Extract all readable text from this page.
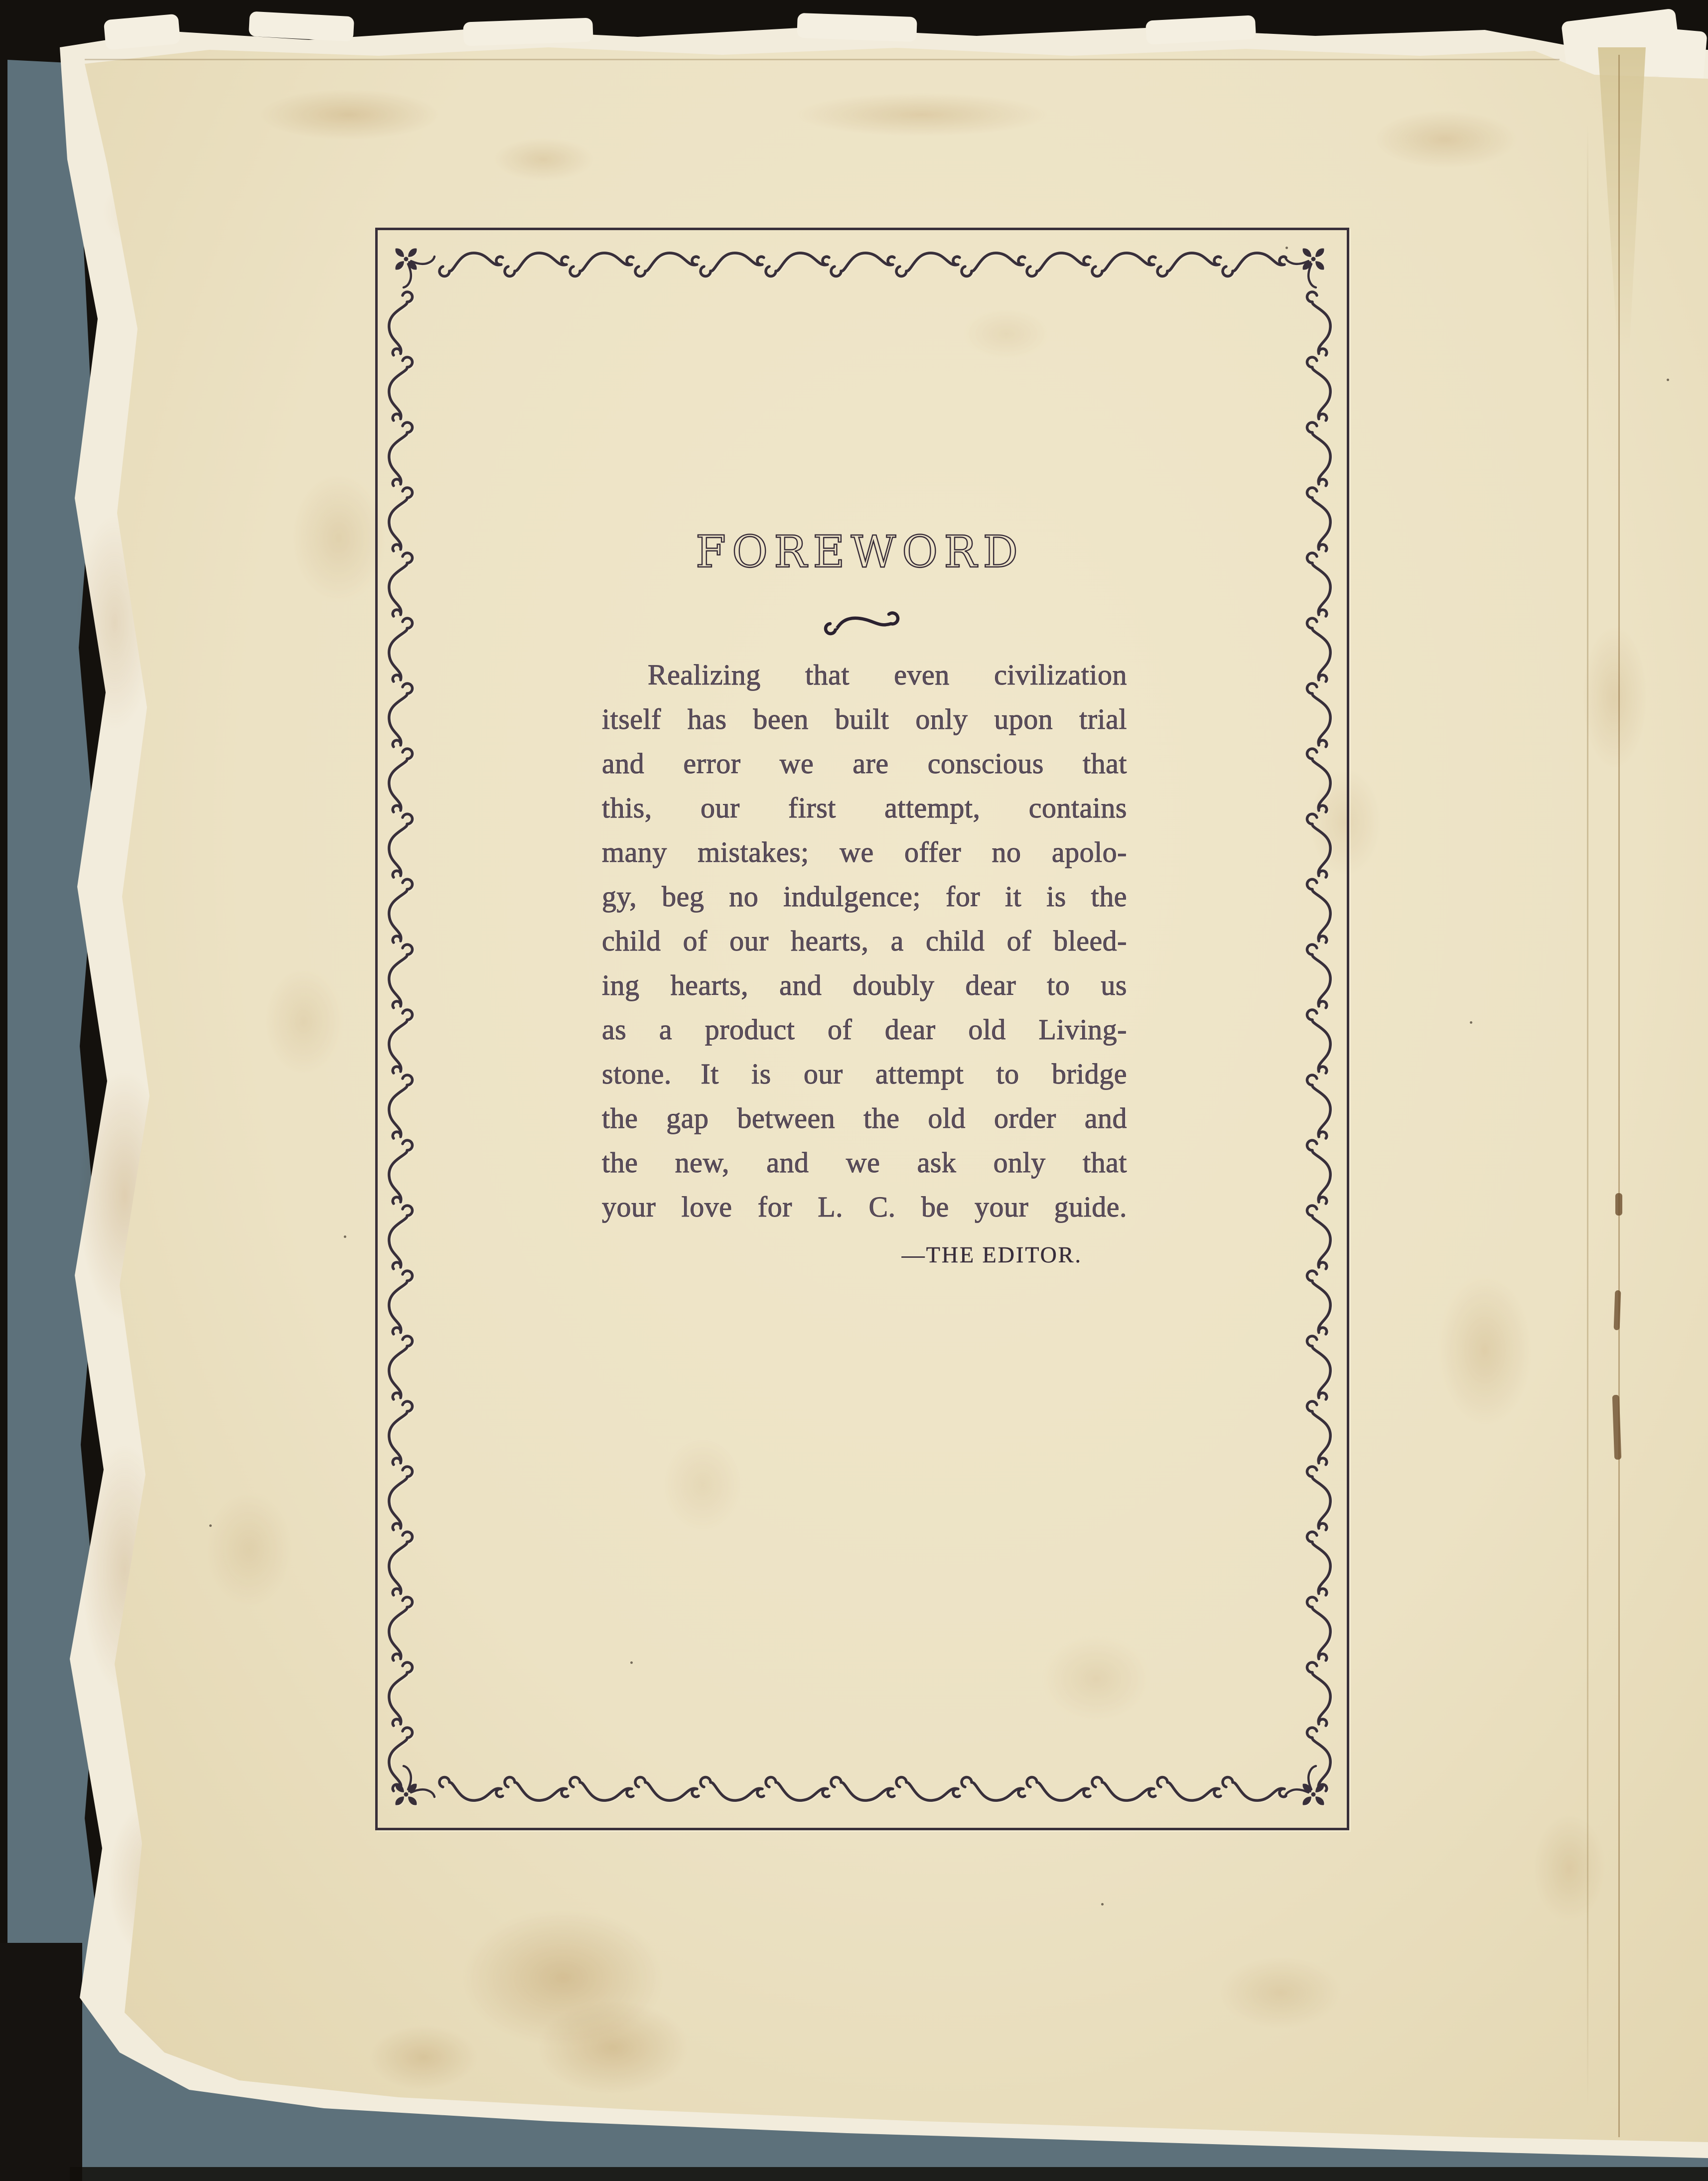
FOREWORD
Realizing that even civilization
itself has been built only upon trial
and error we are conscious that
this, our first attempt, contains
many mistakes; we offer no apolo-
gy, beg no indulgence; for it is the
child of our hearts, a child of bleed-
ing hearts, and doubly dear to us
as a product of dear old Living-
stone. It is our attempt to bridge
the gap between the old order and
the new, and we ask only that
your love for L. C. be your guide.
—THE EDITOR.
